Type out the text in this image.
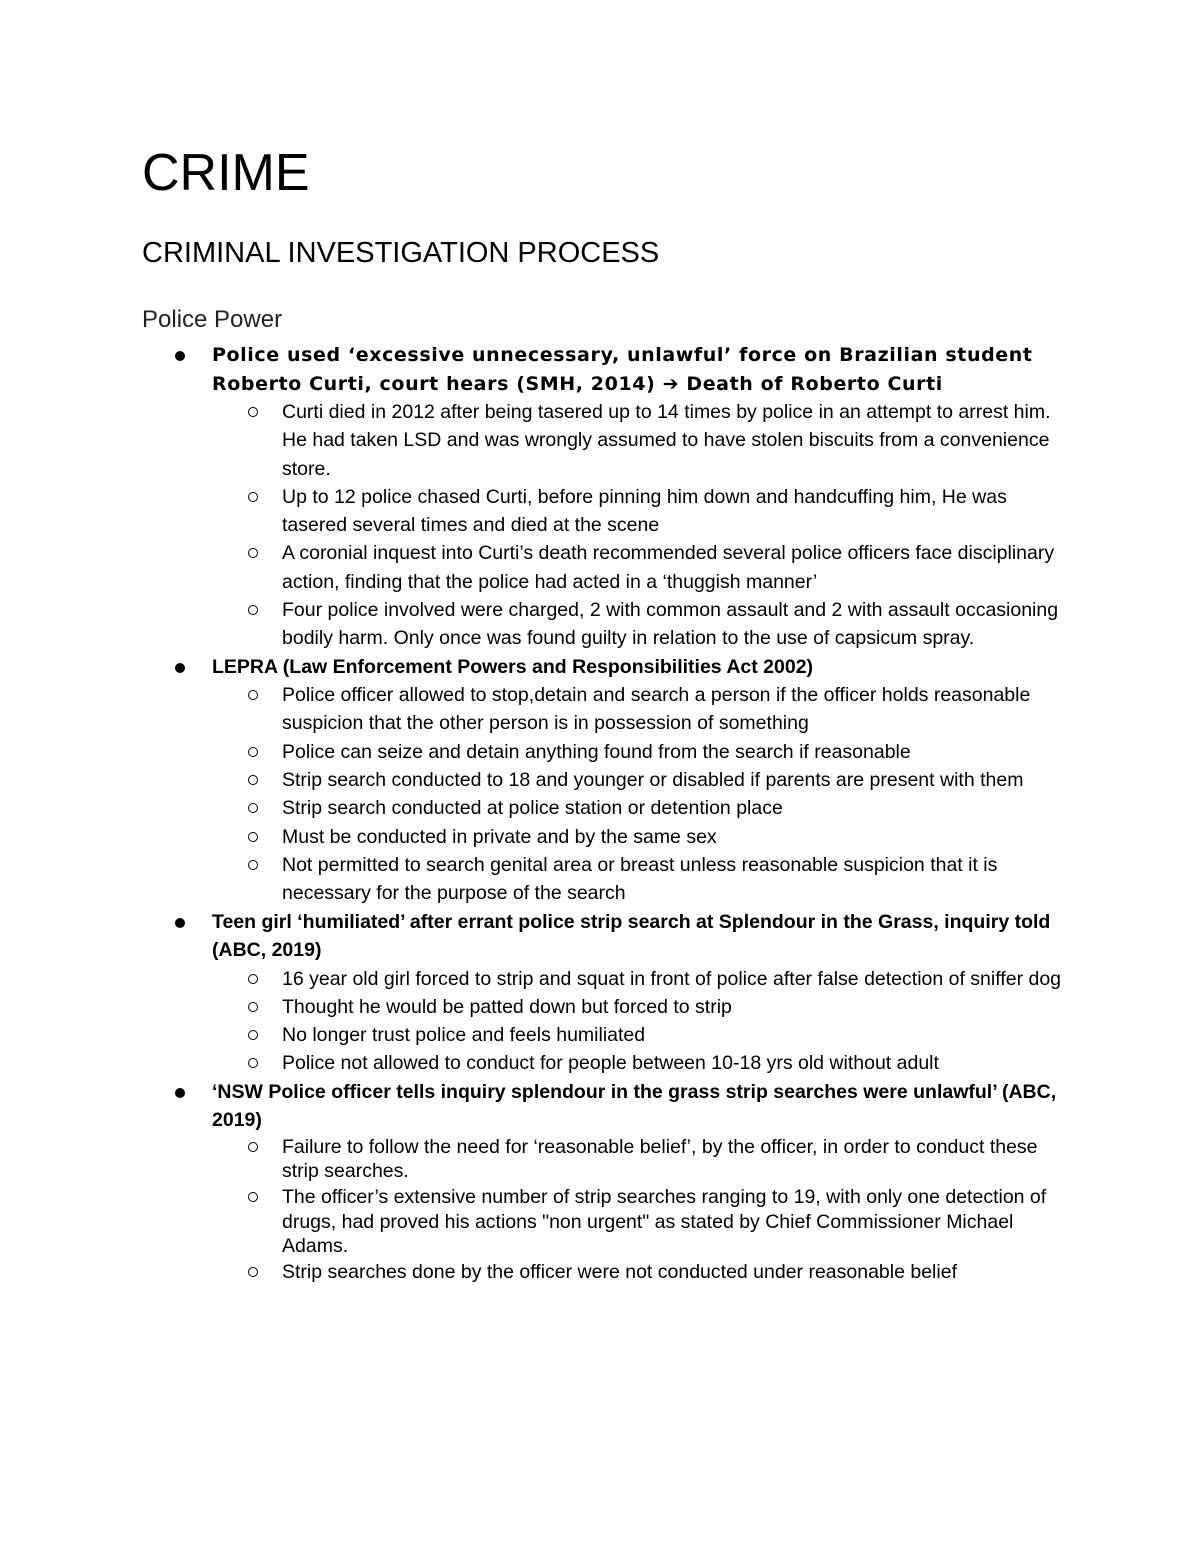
CRIME
CRIMINAL INVESTIGATION PROCESS
Police Power
Police used ‘excessive unnecessary, unlawful’ force on Brazilian student Roberto Curti, court hears (SMH, 2014) ➔ Death of Roberto Curti
Curti died in 2012 after being tasered up to 14 times by police in an attempt to arrest him. He had taken LSD and was wrongly assumed to have stolen biscuits from a convenience store.
Up to 12 police chased Curti, before pinning him down and handcuffing him, He was tasered several times and died at the scene
A coronial inquest into Curti’s death recommended several police officers face disciplinary action, finding that the police had acted in a ‘thuggish manner’
Four police involved were charged, 2 with common assault and 2 with assault occasioning bodily harm. Only once was found guilty in relation to the use of capsicum spray.
LEPRA (Law Enforcement Powers and Responsibilities Act 2002)
Police officer allowed to stop,detain and search a person if the officer holds reasonable suspicion that the other person is in possession of something
Police can seize and detain anything found from the search if reasonable
Strip search conducted to 18 and younger or disabled if parents are present with them
Strip search conducted at police station or detention place
Must be conducted in private and by the same sex
Not permitted to search genital area or breast unless reasonable suspicion that it is necessary for the purpose of the search
Teen girl ‘humiliated’ after errant police strip search at Splendour in the Grass, inquiry told (ABC, 2019)
16 year old girl forced to strip and squat in front of police after false detection of sniffer dog
Thought he would be patted down but forced to strip
No longer trust police and feels humiliated
Police not allowed to conduct for people between 10-18 yrs old without adult
‘NSW Police officer tells inquiry splendour in the grass strip searches were unlawful’ (ABC, 2019)
Failure to follow the need for ‘reasonable belief’, by the officer, in order to conduct these strip searches.
The officer’s extensive number of strip searches ranging to 19, with only one detection of drugs, had proved his actions "non urgent" as stated by Chief Commissioner Michael Adams.
Strip searches done by the officer were not conducted under reasonable belief
